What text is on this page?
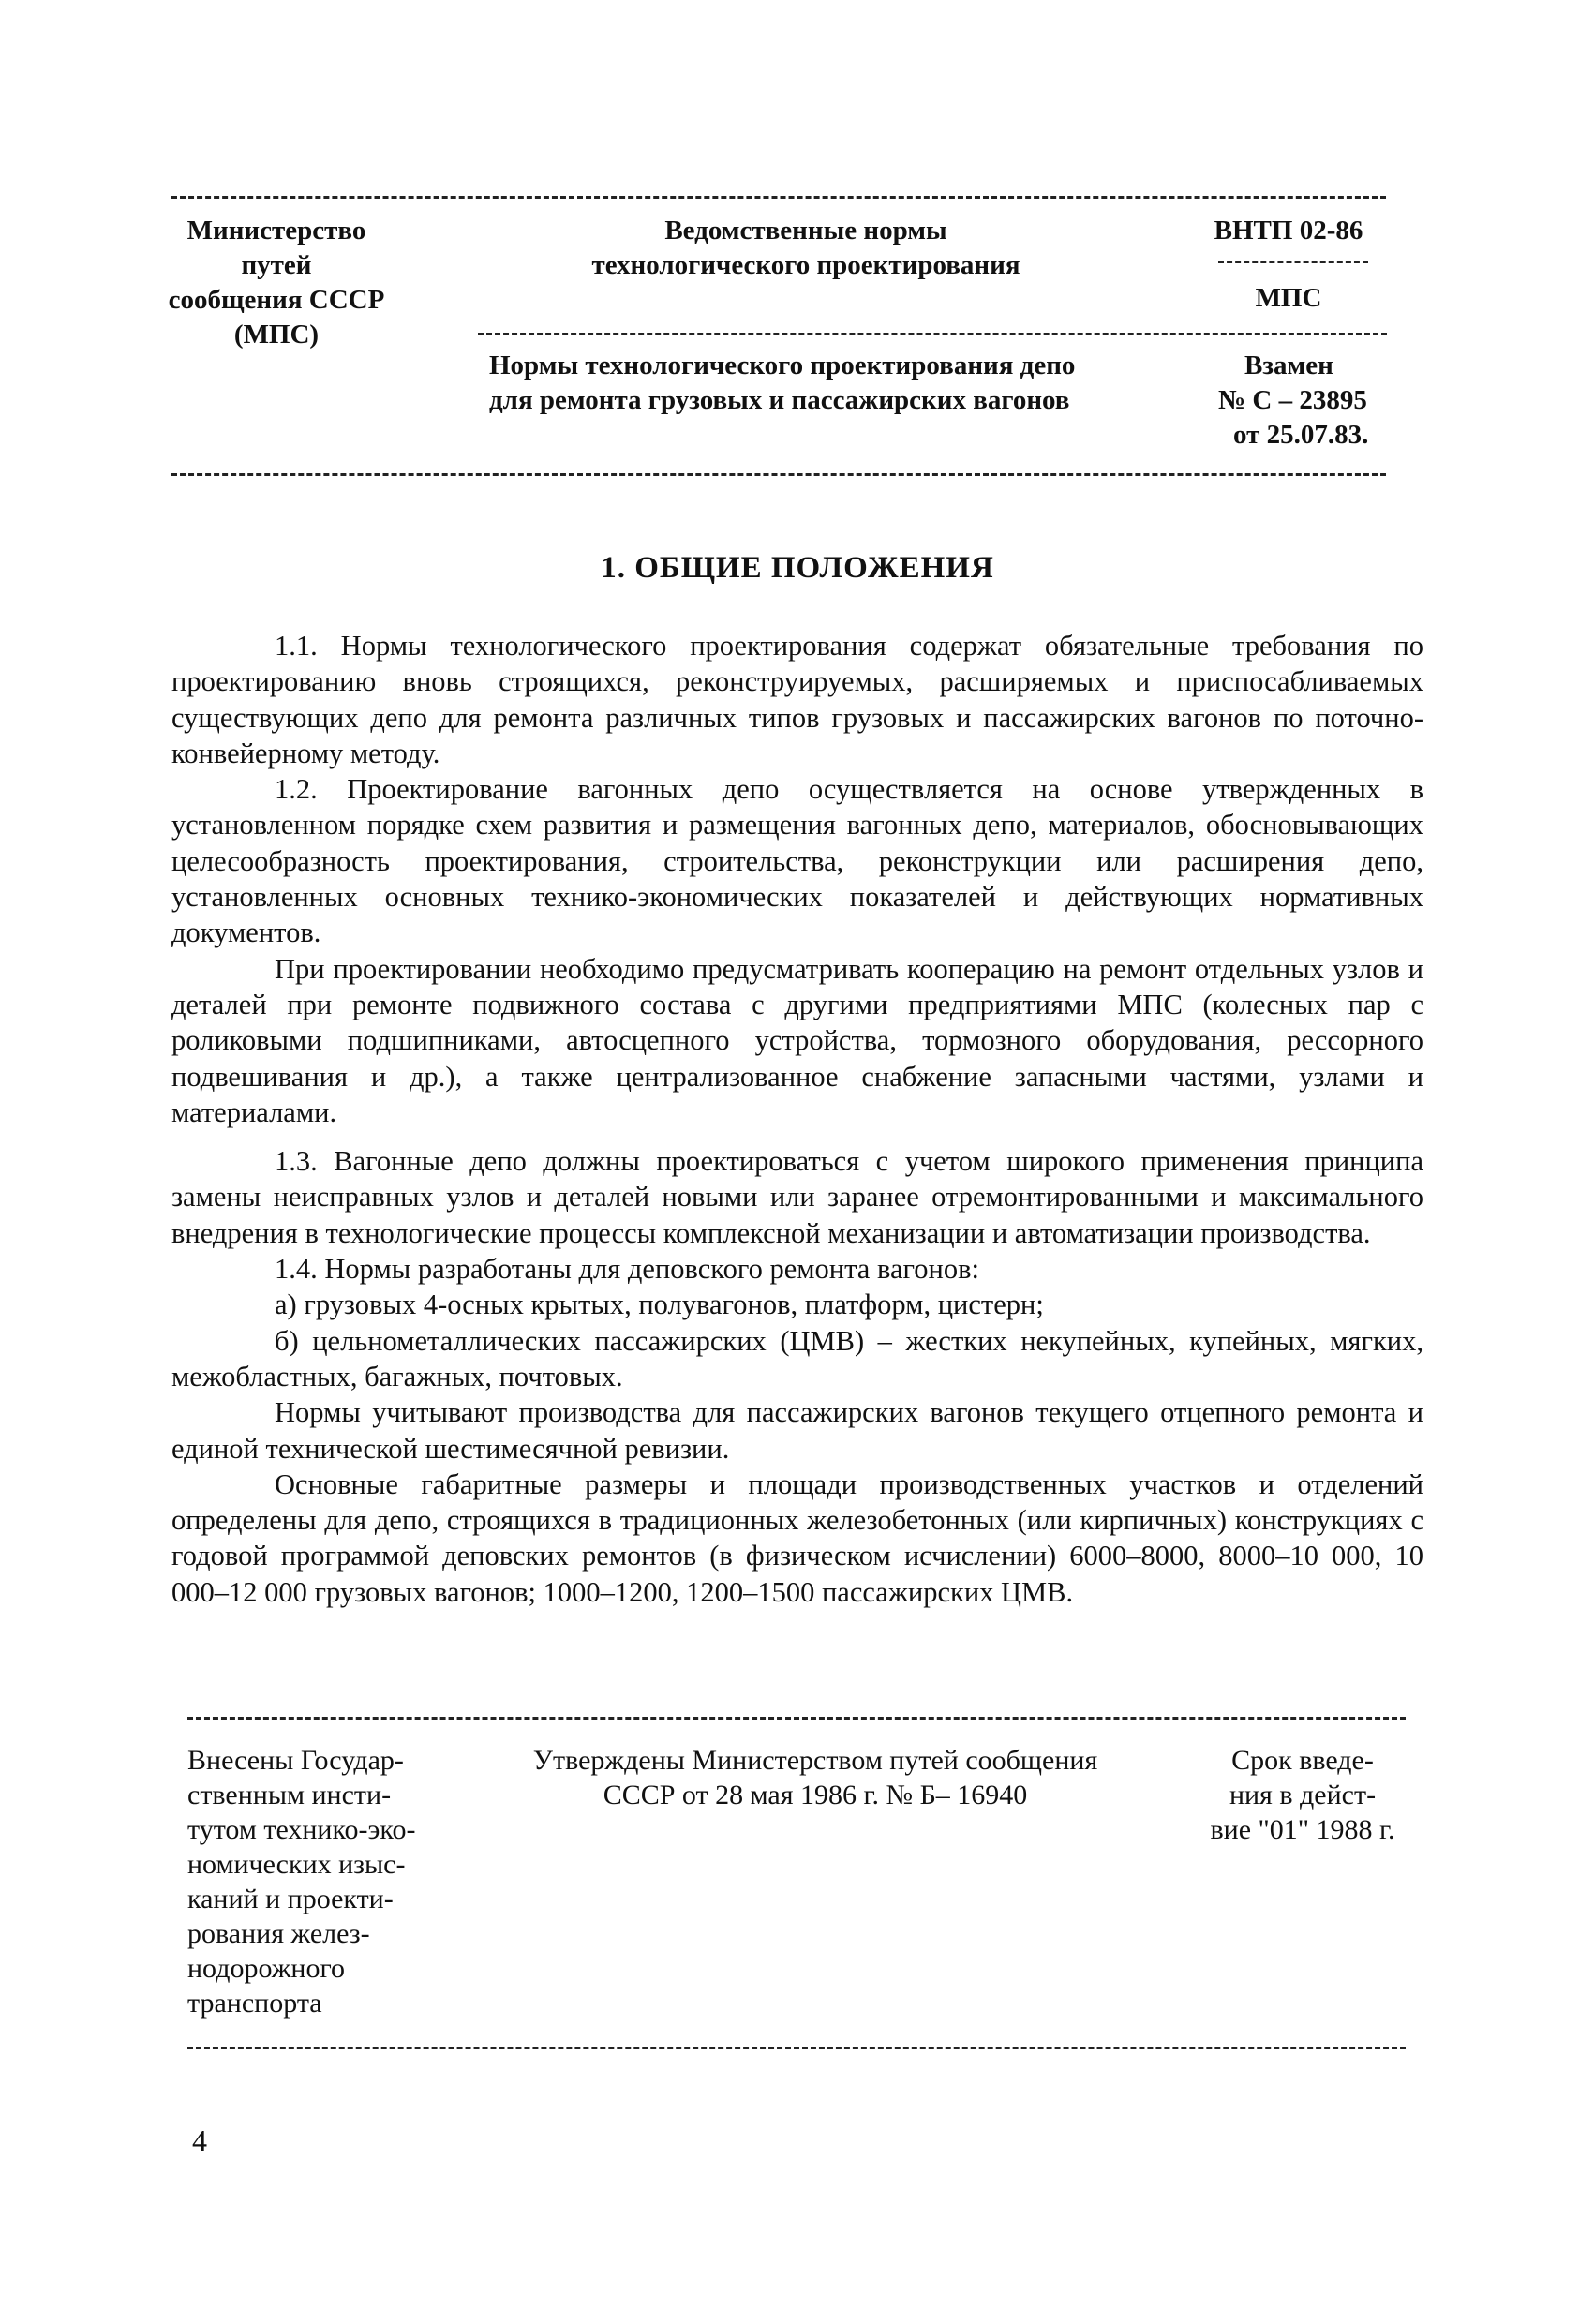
Министерство путей
сообщения СССР
(МПС)
Ведомственные нормы
технологического проектирования
ВНТП 02-86
МПС
Нормы технологического проектирования депо
для ремонта грузовых и пассажирских вагонов
Взамен
№ С – 23895
от 25.07.83.
1. ОБЩИЕ ПОЛОЖЕНИЯ

1.1. Нормы технологического проектирования содержат обязательные требования по проектированию вновь строящихся, реконструируемых, расширяемых и приспосабливаемых существующих депо для ремонта различных типов грузовых и пассажирских вагонов по поточно-конвейерному методу.

1.2. Проектирование вагонных депо осуществляется на основе утвержденных в установленном порядке схем развития и размещения вагонных депо, материалов, обосновывающих целесообразность проектирования, строительства, реконструкции или расширения депо, установленных основных технико-экономических показателей и действующих нормативных документов.

При проектировании необходимо предусматривать кооперацию на ремонт отдельных узлов и деталей при ремонте подвижного состава с другими предприятиями МПС (колесных пар с роликовыми подшипниками, автосцепного устройства, тормозного оборудования, рессорного подвешивания и др.), а также централизованное снабжение запасными частями, узлами и материалами.

1.3. Вагонные депо должны проектироваться с учетом широкого применения принципа замены неисправных узлов и деталей новыми или заранее отремонтированными и максимального внедрения в технологические процессы комплексной механизации и автоматизации производства.

1.4. Нормы разработаны для деповского ремонта вагонов:

а) грузовых 4-осных крытых, полувагонов, платформ, цистерн;

б) цельнометаллических пассажирских (ЦМВ) – жестких некупейных, купейных, мягких, межобластных, багажных, почтовых.

Нормы учитывают производства для пассажирских вагонов текущего отцепного ремонта и единой технической шестимесячной ревизии.

Основные габаритные размеры и площади производственных участков и отделений определены для депо, строящихся в традиционных железобетонных (или кирпичных) конструкциях с годовой программой деповских ремонтов (в физическом исчислении) 6000–8000, 8000–10 000, 10 000–12 000 грузовых вагонов; 1000–1200, 1200–1500 пассажирских ЦМВ.

Внесены Государ-
ственным инсти-
тутом технико-эко-
номических изыс-
каний и проекти-
рования желез-
нодорожного
транспорта
Утверждены Министерством путей сообщения
СССР от 28 мая 1986 г. № Б– 16940
Срок введе-
ния в дейст-
вие "01" 1988 г.
4
